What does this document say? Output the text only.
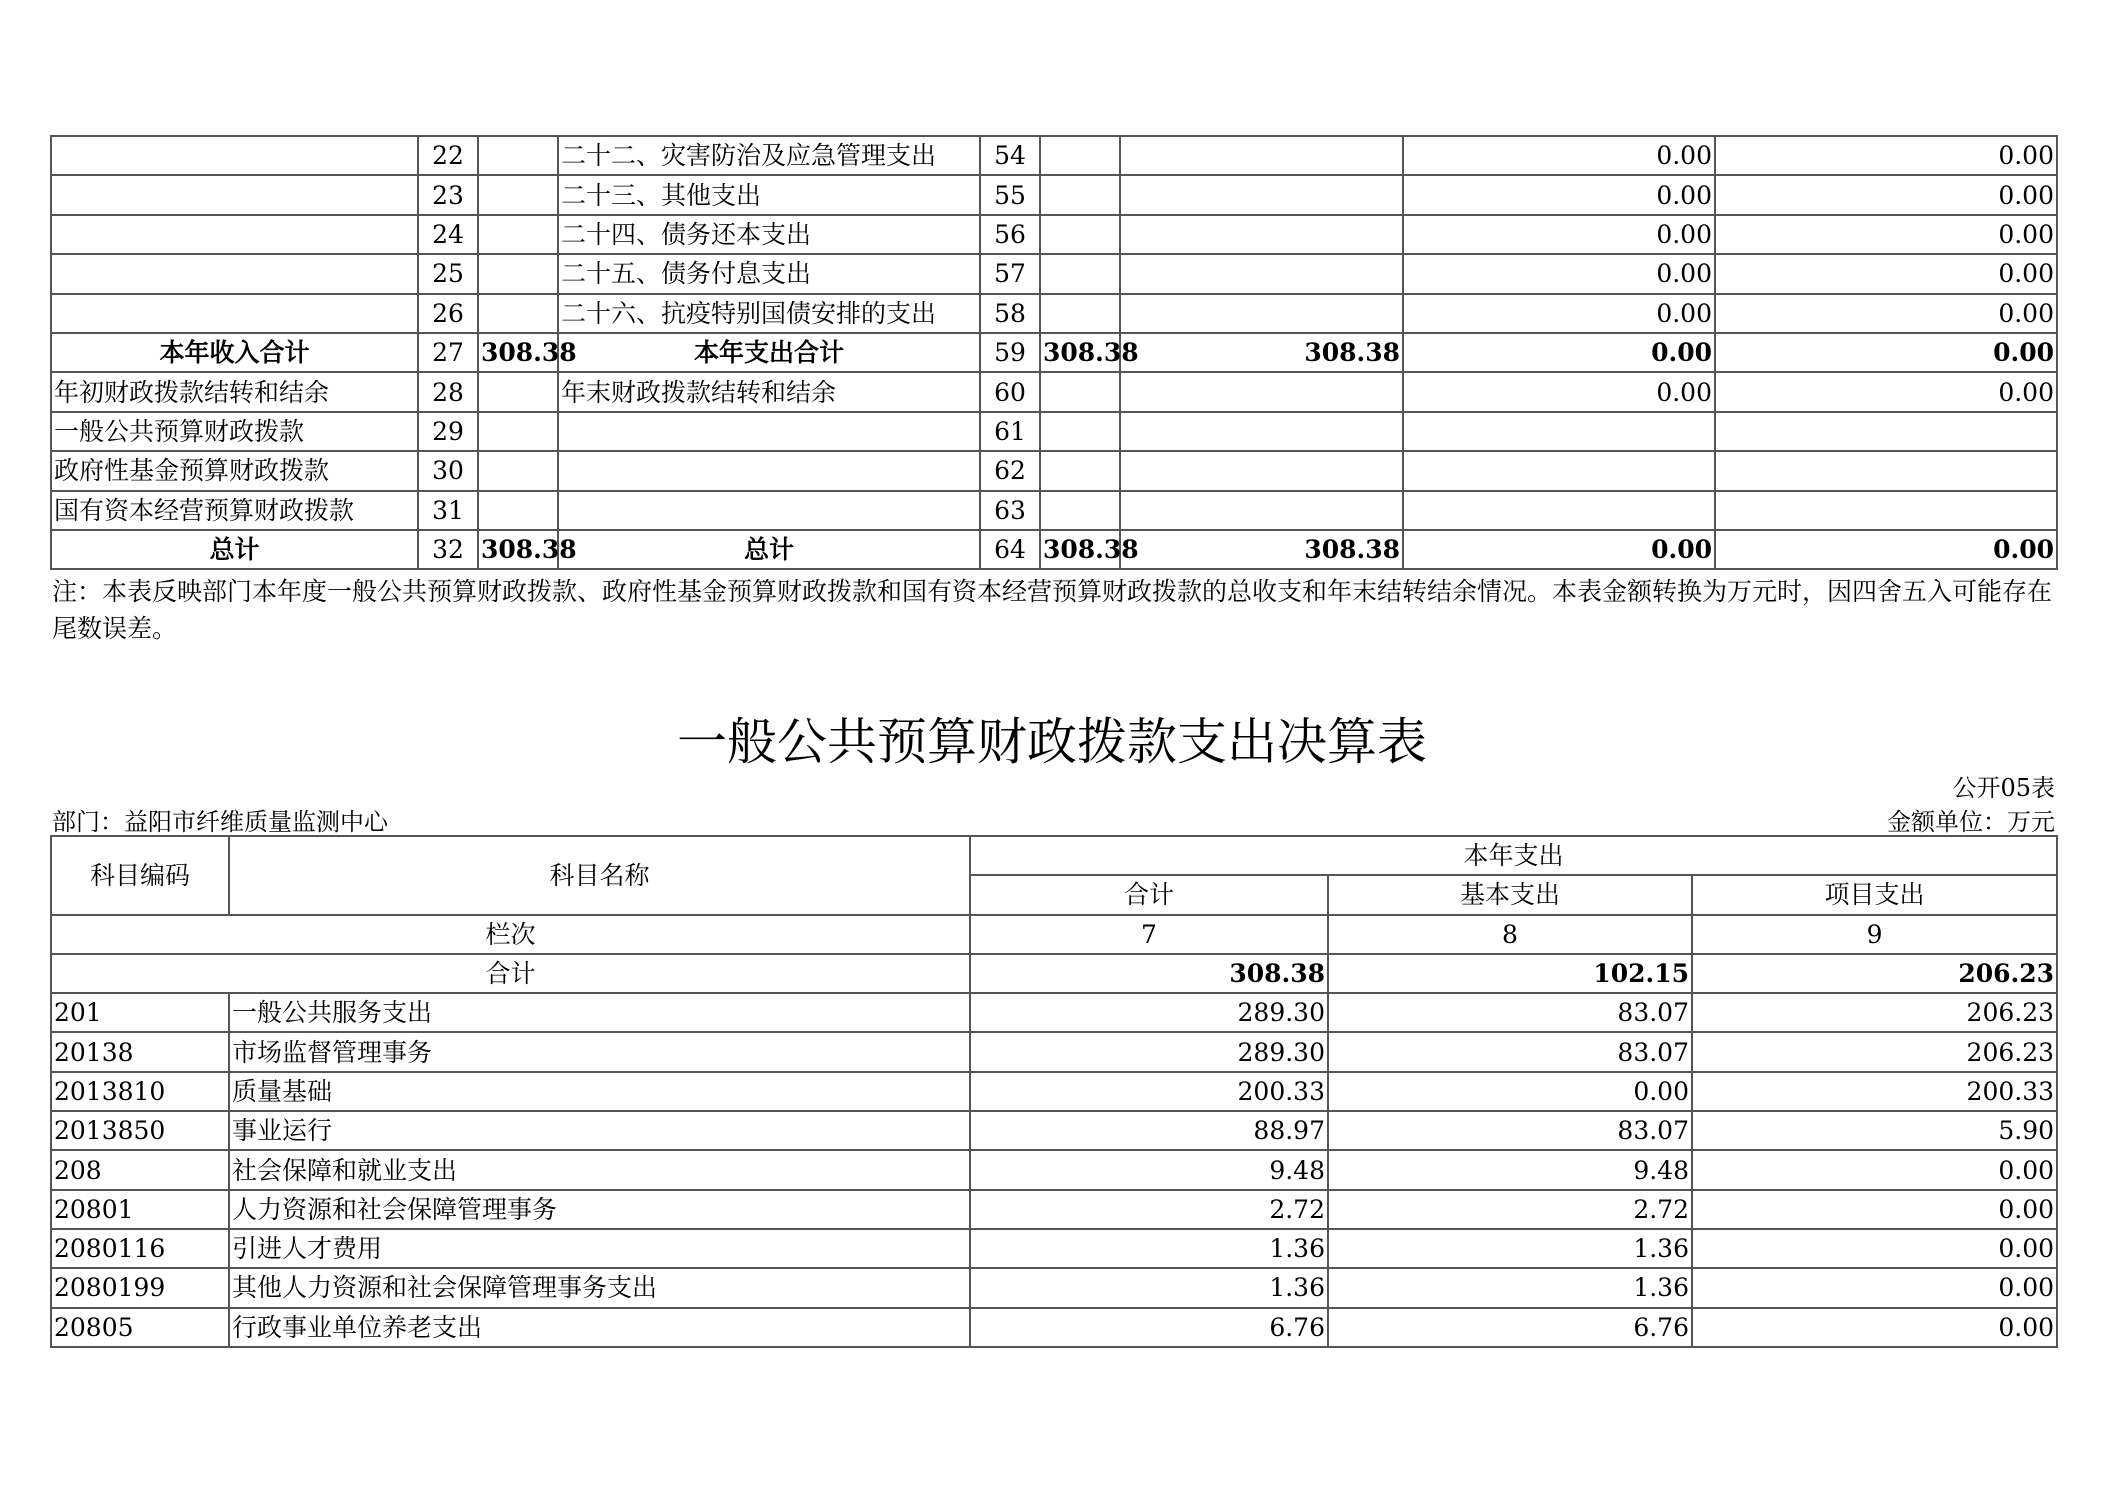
	22		二十二、灾害防治及应急管理支出	54			0.00	0.00
	23		二十三、其他支出	55			0.00	0.00
	24		二十四、债务还本支出	56			0.00	0.00
	25		二十五、债务付息支出	57			0.00	0.00
	26		二十六、抗疫特别国债安排的支出	58			0.00	0.00
本年收入合计	27	308.38	本年支出合计	59	308.38	308.38	0.00	0.00
年初财政拨款结转和结余	28		年末财政拨款结转和结余	60			0.00	0.00
一般公共预算财政拨款	29			61				
政府性基金预算财政拨款	30			62				
国有资本经营预算财政拨款	31			63				
总计	32	308.38	总计	64	308.38	308.38	0.00	0.00
注：本表反映部门本年度一般公共预算财政拨款、政府性基金预算财政拨款和国有资本经营预算财政拨款的总收支和年末结转结余情况。本表金额转换为万元时，因四舍五入可能存在尾数误差。
一般公共预算财政拨款支出决算表
公开05表
部门：益阳市纤维质量监测中心	金额单位：万元
科目编码	科目名称	本年支出		
		合计	基本支出	项目支出
栏次		7	8	9
合计		308.38	102.15	206.23
201	一般公共服务支出	289.30	83.07	206.23
20138	市场监督管理事务	289.30	83.07	206.23
2013810	质量基础	200.33	0.00	200.33
2013850	事业运行	88.97	83.07	5.90
208	社会保障和就业支出	9.48	9.48	0.00
20801	人力资源和社会保障管理事务	2.72	2.72	0.00
2080116	引进人才费用	1.36	1.36	0.00
2080199	其他人力资源和社会保障管理事务支出	1.36	1.36	0.00
20805	行政事业单位养老支出	6.76	6.76	0.00
